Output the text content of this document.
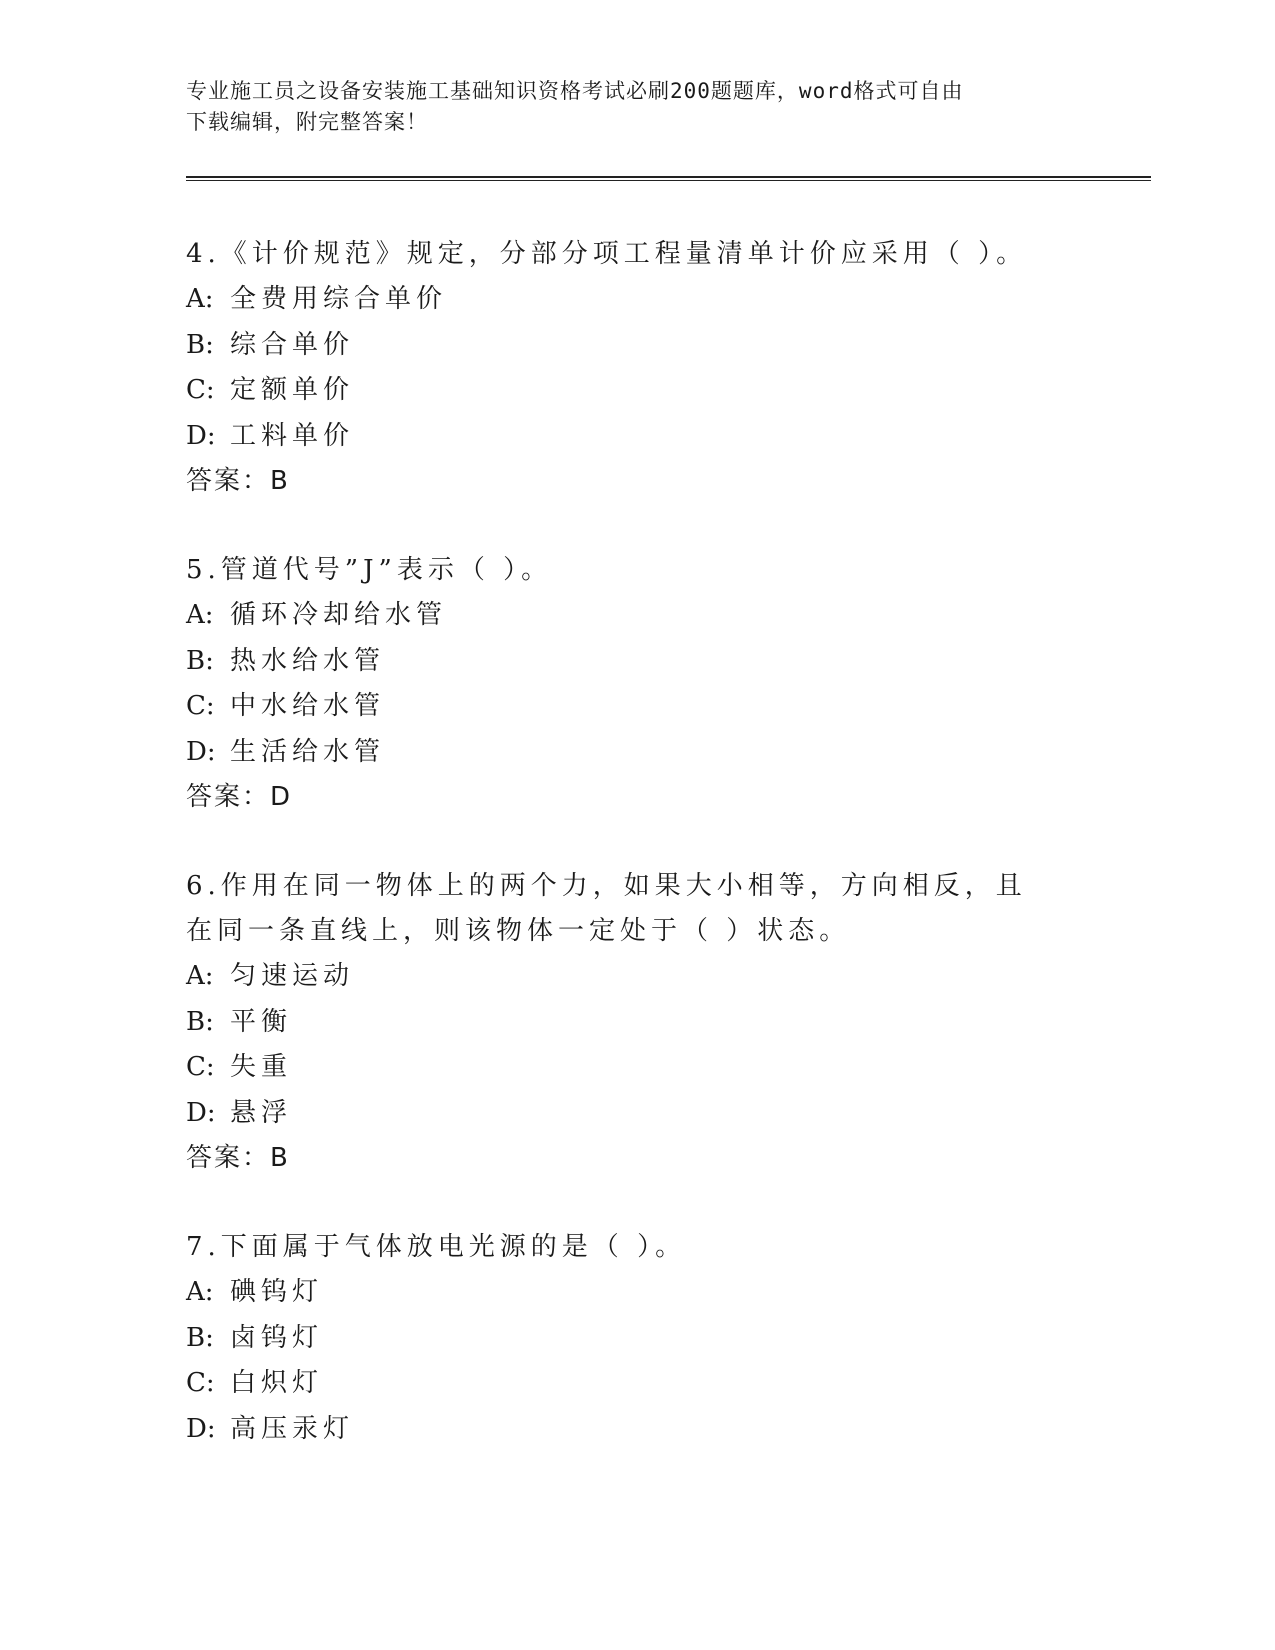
专业施工员之设备安装施工基础知识资格考试必刷200题题库，word格式可自由
下载编辑，附完整答案！
4.《计价规范》规定，分部分项工程量清单计价应采用（ ）。
A: 全费用综合单价
B: 综合单价
C: 定额单价
D: 工料单价
答案：B
5.管道代号”J”表示（ ）。
A: 循环冷却给水管
B: 热水给水管
C: 中水给水管
D: 生活给水管
答案：D
6.作用在同一物体上的两个力，如果大小相等，方向相反，且在同一条直线上，则该物体一定处于（ ）状态。
A: 匀速运动
B: 平衡
C: 失重
D: 悬浮
答案：B
7.下面属于气体放电光源的是（ ）。
A: 碘钨灯
B: 卤钨灯
C: 白炽灯
D: 高压汞灯
